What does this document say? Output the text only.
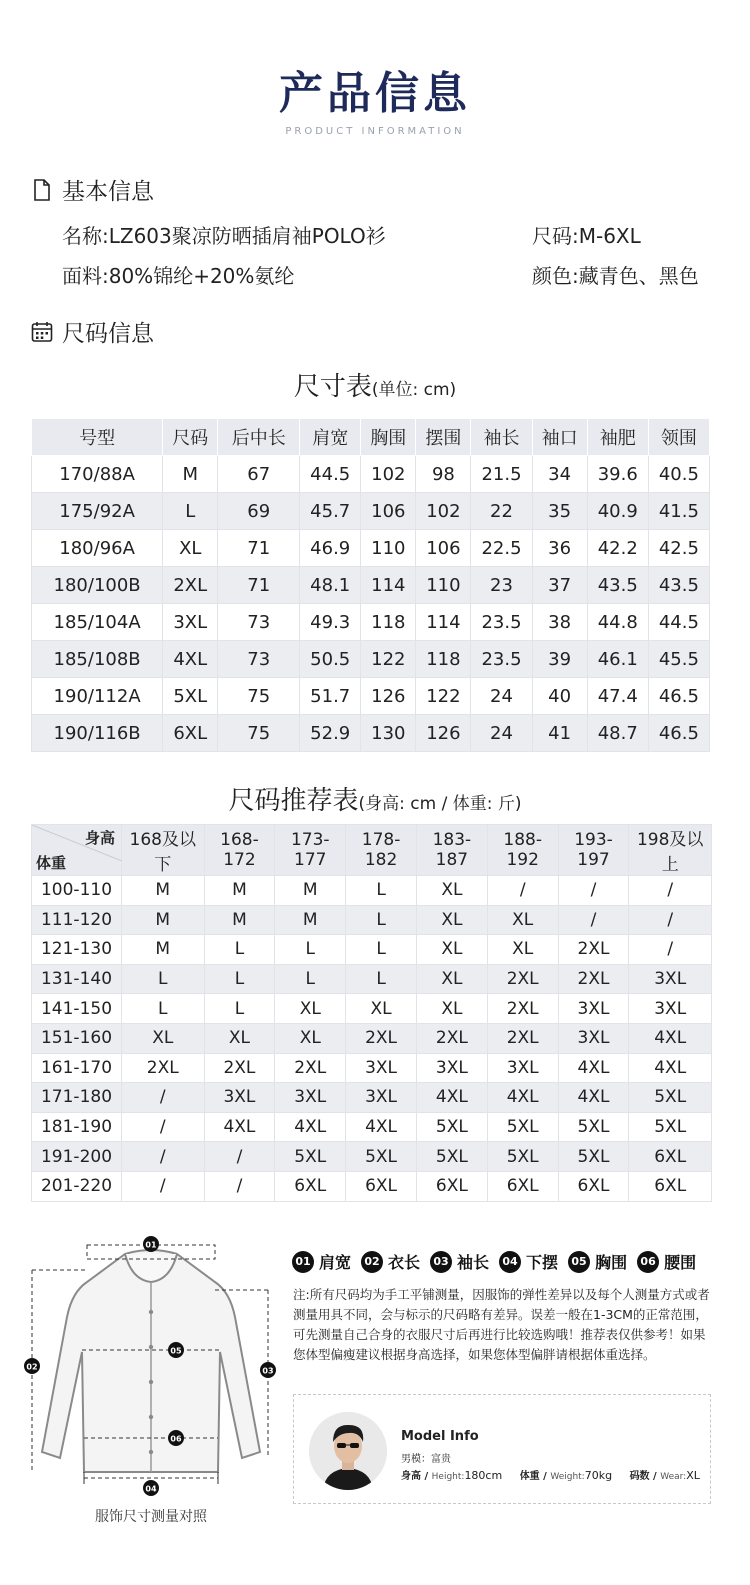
产品信息
PRODUCT INFORMATION
基本信息
名称:LZ603聚凉防晒插肩袖POLO衫	尺码:M-6XL
面料:80%锦纶+20%氨纶	颜色:藏青色、黑色
尺码信息
尺寸表(单位: cm)
号型	尺码	后中长	肩宽	胸围	摆围	袖长	袖口	袖肥	领围
170/88A	M	67	44.5	102	98	21.5	34	39.6	40.5
175/92A	L	69	45.7	106	102	22	35	40.9	41.5
180/96A	XL	71	46.9	110	106	22.5	36	42.2	42.5
180/100B	2XL	71	48.1	114	110	23	37	43.5	43.5
185/104A	3XL	73	49.3	118	114	23.5	38	44.8	44.5
185/108B	4XL	73	50.5	122	118	23.5	39	46.1	45.5
190/112A	5XL	75	51.7	126	122	24	40	47.4	46.5
190/116B	6XL	75	52.9	130	126	24	41	48.7	46.5
尺码推荐表(身高: cm / 体重: 斤)
身高
体重	168及以下	168-172	173-177	178-182	183-187	188-192	193-197	198及以上
100-110	M	M	M	L	XL	/	/	/
111-120	M	M	M	L	XL	XL	/	/
121-130	M	L	L	L	XL	XL	2XL	/
131-140	L	L	L	L	XL	2XL	2XL	3XL
141-150	L	L	XL	XL	XL	2XL	3XL	3XL
151-160	XL	XL	XL	2XL	2XL	2XL	3XL	4XL
161-170	2XL	2XL	2XL	3XL	3XL	3XL	4XL	4XL
171-180	/	3XL	3XL	3XL	4XL	4XL	4XL	5XL
181-190	/	4XL	4XL	4XL	5XL	5XL	5XL	5XL
191-200	/	/	5XL	5XL	5XL	5XL	5XL	6XL
201-220	/	/	6XL	6XL	6XL	6XL	6XL	6XL
01
02	03
04
05
06
服饰尺寸测量对照
01 肩宽	02 衣长	03 袖长	04 下摆	05 胸围	06 腰围
注:所有尺码均为手工平铺测量，因服饰的弹性差异以及每个人测量方式或者测量用具不同，会与标示的尺码略有差异。误差一般在1-3CM的正常范围，可先测量自己合身的衣服尺寸后再进行比较选购哦！推荐表仅供参考！如果您体型偏瘦建议根据身高选择，如果您体型偏胖请根据体重选择。
Model Info
男模：富贵
身高 / Height:180cm 体重 / Weight:70kg 码数 / Wear:XL
